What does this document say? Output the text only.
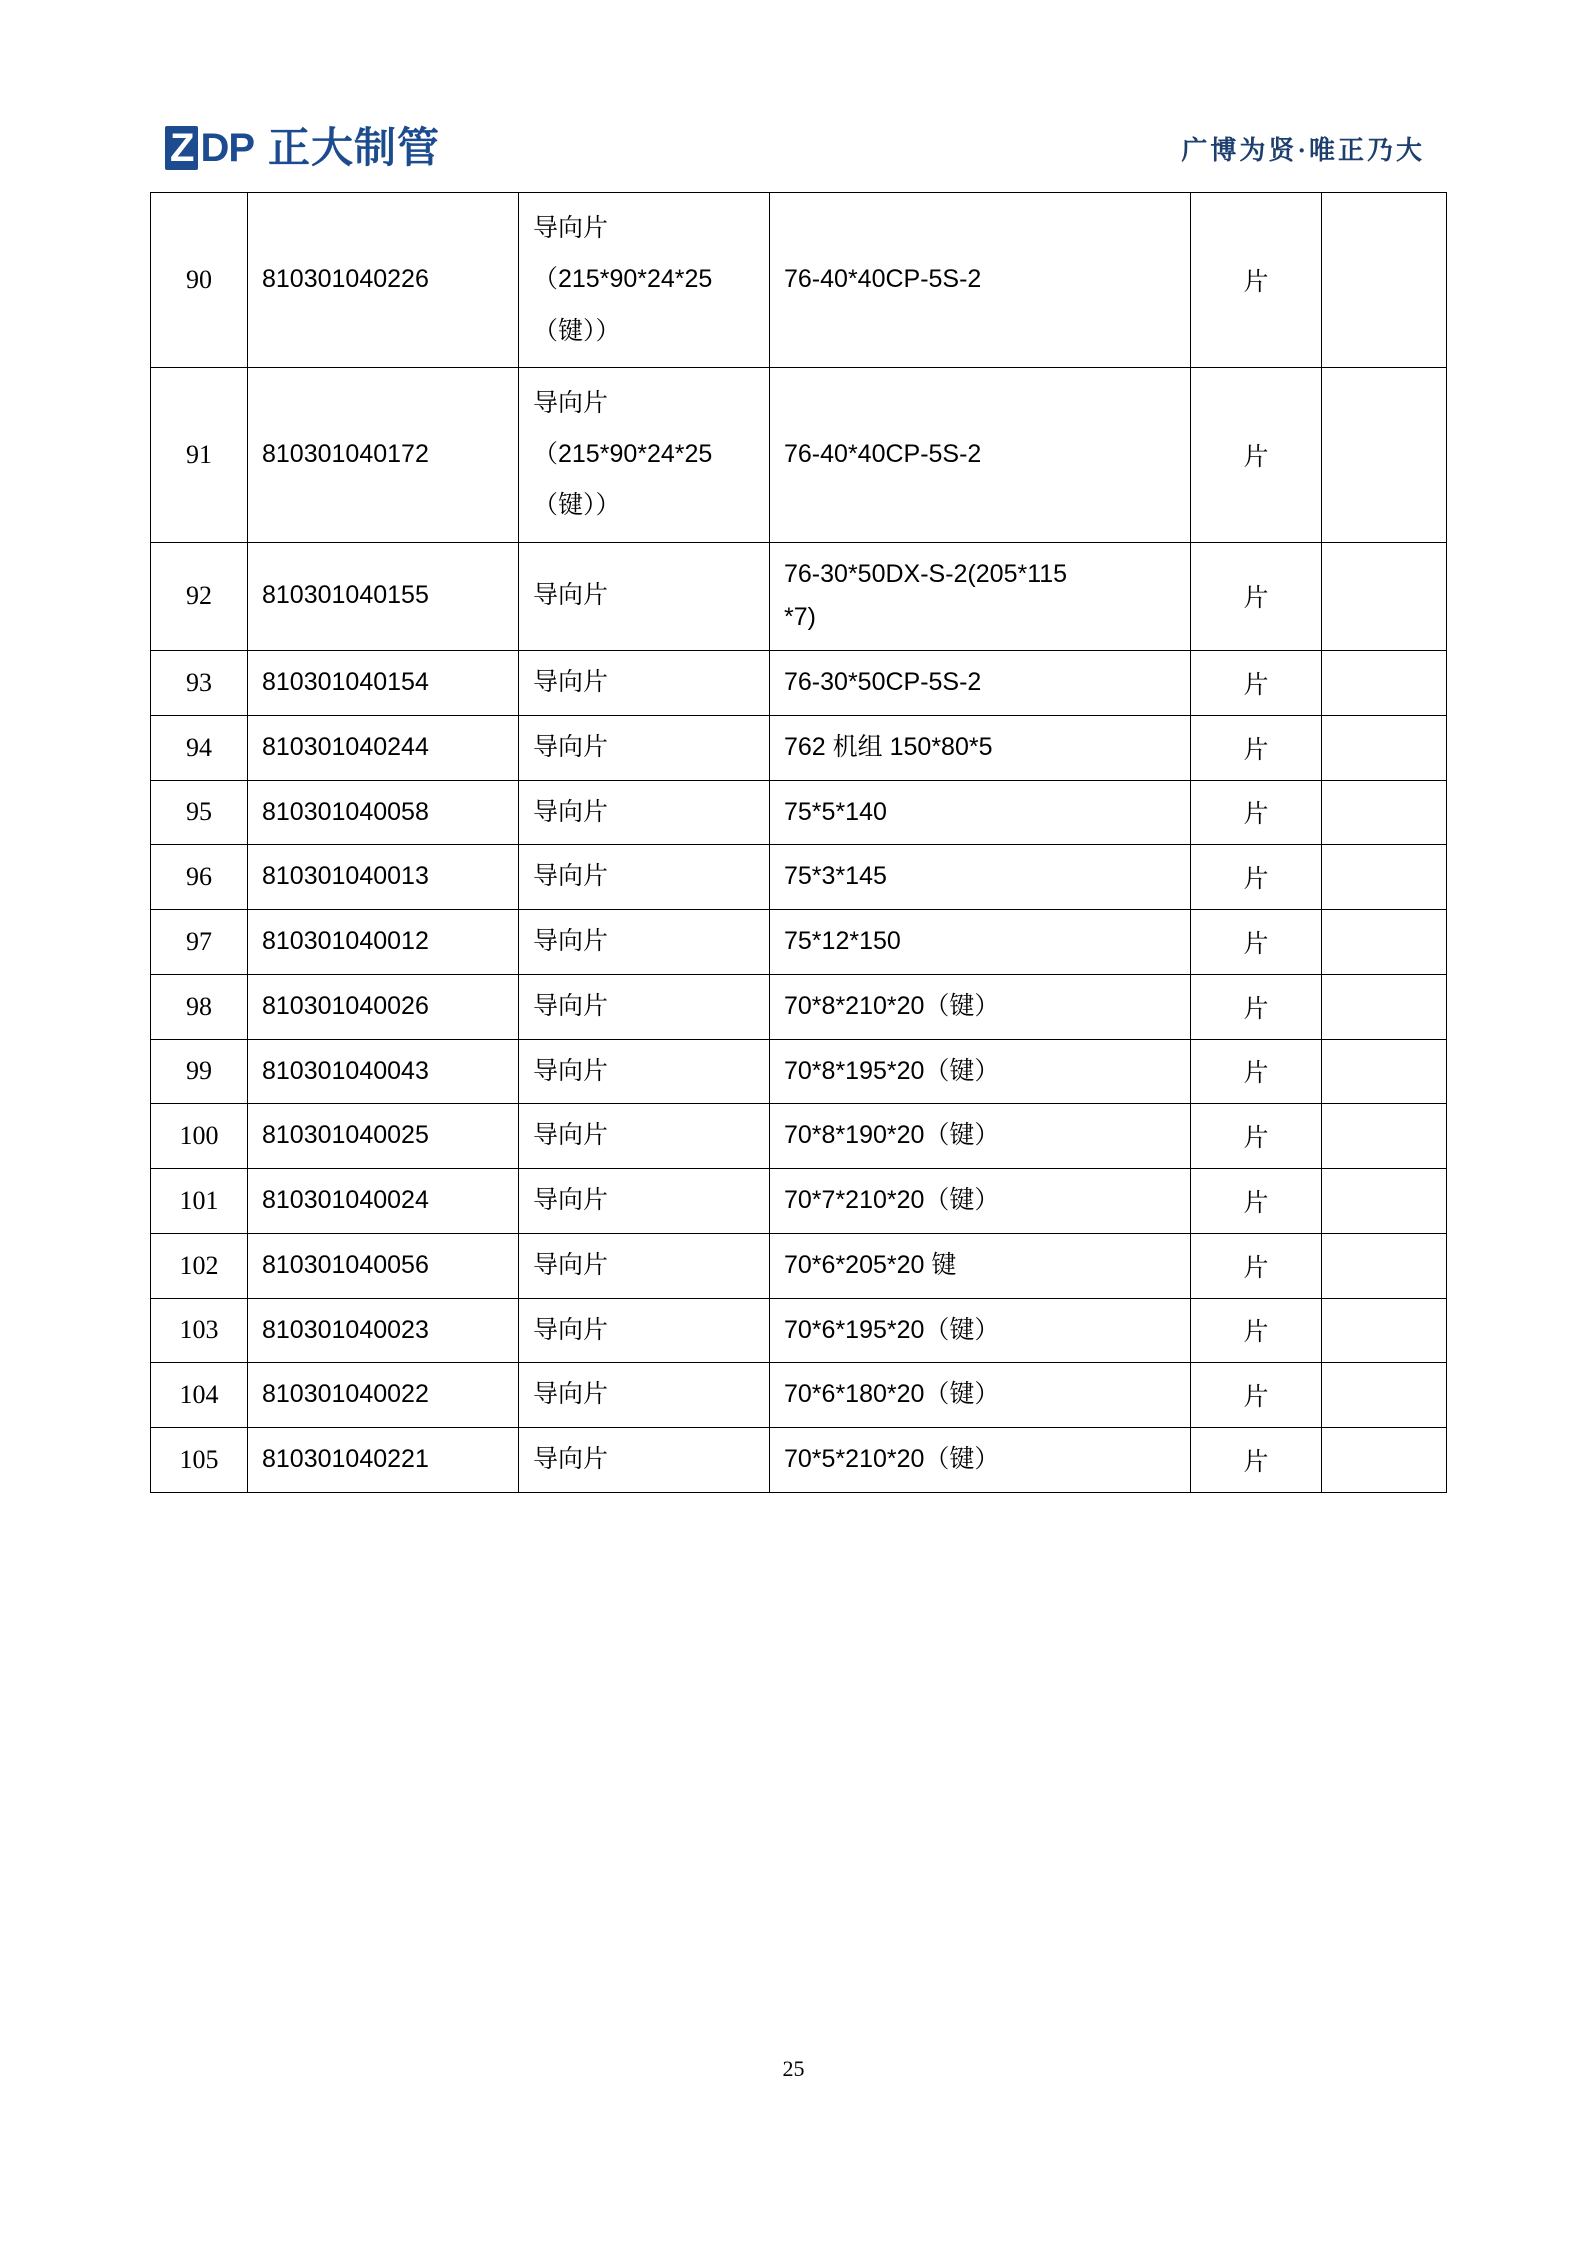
Z DP 正大制管	广博为贤·唯正乃大
90	810301040226	导向片
（215*90*24*25
（键））	76-40*40CP-5S-2	片	

91	810301040172	导向片
（215*90*24*25
（键））	76-40*40CP-5S-2	片	

92	810301040155	导向片	76-30*50DX-S-2(205*115
*7)	片	

93	810301040154	导向片	76-30*50CP-5S-2	片	

94	810301040244	导向片	762 机组 150*80*5	片	

95	810301040058	导向片	75*5*140	片	

96	810301040013	导向片	75*3*145	片	

97	810301040012	导向片	75*12*150	片	

98	810301040026	导向片	70*8*210*20（键）	片	

99	810301040043	导向片	70*8*195*20（键）	片	

100	810301040025	导向片	70*8*190*20（键）	片	

101	810301040024	导向片	70*7*210*20（键）	片	

102	810301040056	导向片	70*6*205*20 键	片	

103	810301040023	导向片	70*6*195*20（键）	片	

104	810301040022	导向片	70*6*180*20（键）	片	

105	810301040221	导向片	70*5*210*20（键）	片	

25
